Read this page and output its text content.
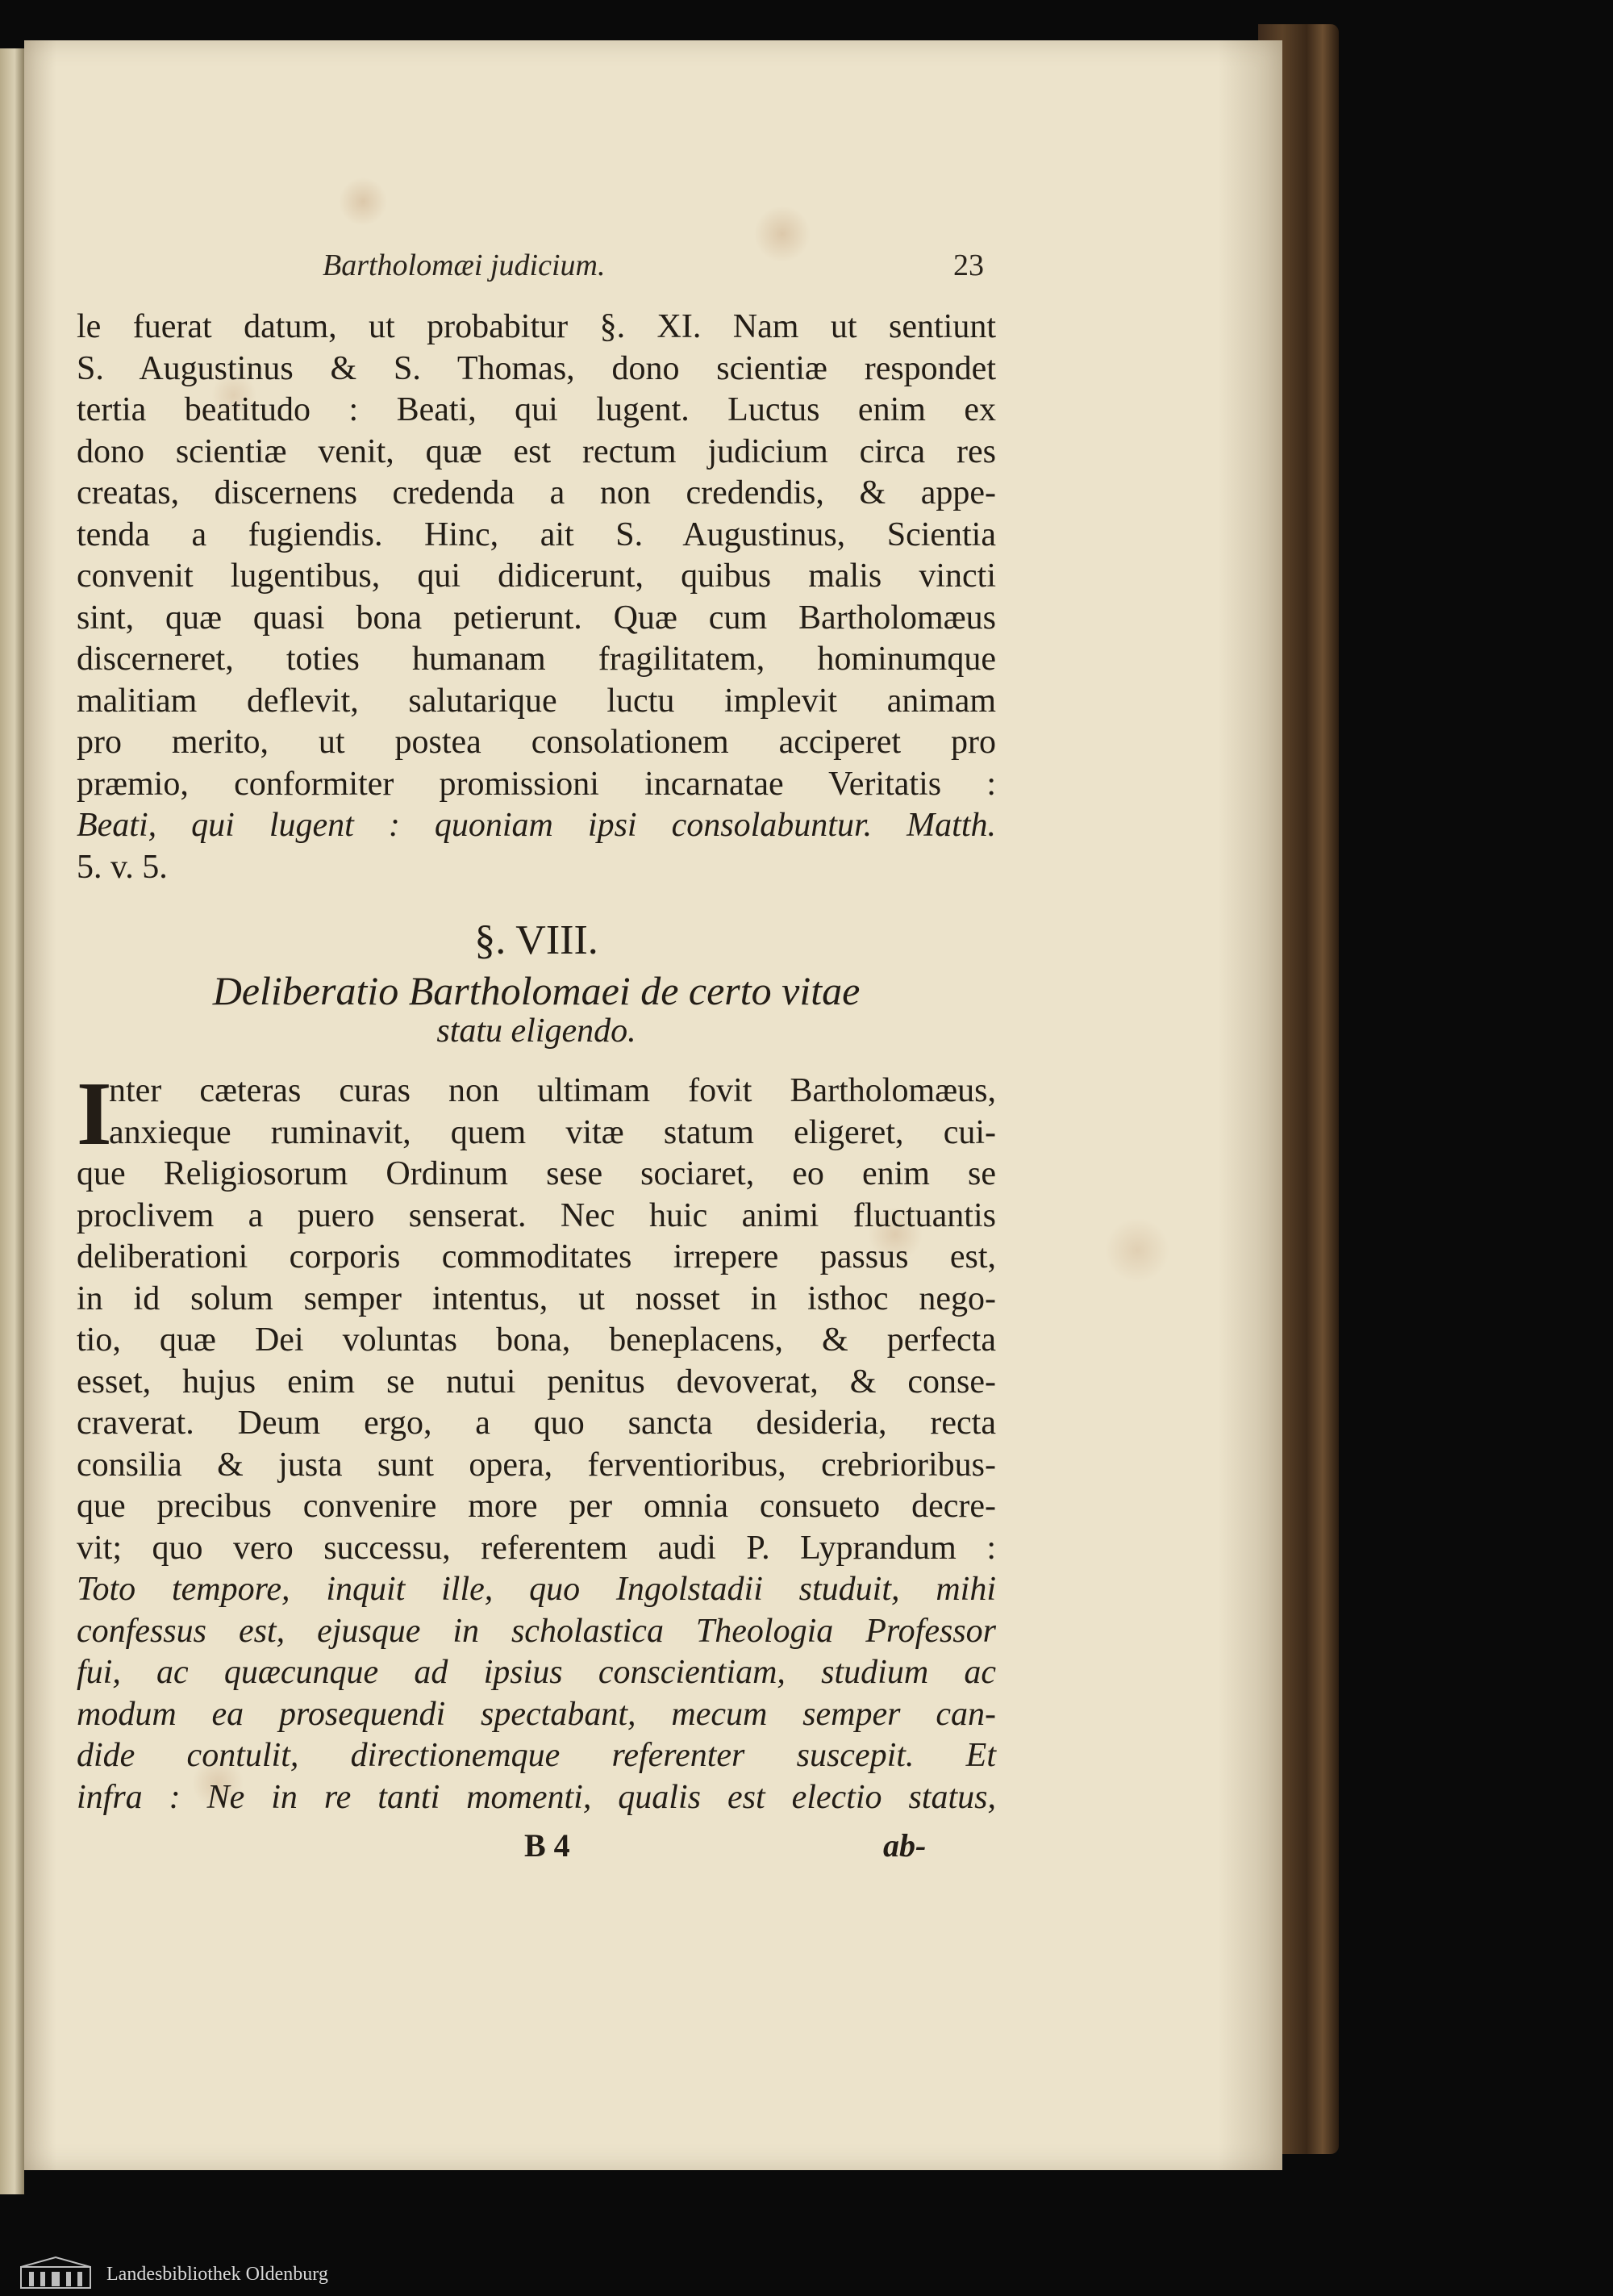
Bartholomæi judicium.	23
le fuerat datum, ut probabitur §. XI. Nam ut sentiunt
S. Augustinus & S. Thomas, dono scientiæ respondet
tertia beatitudo : Beati, qui lugent. Luctus enim ex
dono scientiæ venit, quæ est rectum judicium circa res
creatas, discernens credenda a non credendis, & appe-
tenda a fugiendis. Hinc, ait S. Augustinus, Scientia
convenit lugentibus, qui didicerunt, quibus malis vincti
sint, quæ quasi bona petierunt. Quæ cum Bartholomæus
discerneret, toties humanam fragilitatem, hominumque
malitiam deflevit, salutarique luctu implevit animam
pro merito, ut postea consolationem acciperet pro
præmio, conformiter promissioni incarnatae Veritatis :
Beati, qui lugent : quoniam ipsi consolabuntur. Matth.
5. v. 5.
§. VIII.
Deliberatio Bartholomaei de certo vitae
statu eligendo.
I
nter cæteras curas non ultimam fovit Bartholomæus,
anxieque ruminavit, quem vitæ statum eligeret, cui-
que Religiosorum Ordinum sese sociaret, eo enim se
proclivem a puero senserat. Nec huic animi fluctuantis
deliberationi corporis commoditates irrepere passus est,
in id solum semper intentus, ut nosset in isthoc nego-
tio, quæ Dei voluntas bona, beneplacens, & perfecta
esset, hujus enim se nutui penitus devoverat, & conse-
craverat. Deum ergo, a quo sancta desideria, recta
consilia & justa sunt opera, ferventioribus, crebrioribus-
que precibus convenire more per omnia consueto decre-
vit; quo vero successu, referentem audi P. Lyprandum :
Toto tempore, inquit ille, quo Ingolstadii studuit, mihi
confessus est, ejusque in scholastica Theologia Professor
fui, ac quæcunque ad ipsius conscientiam, studium ac
modum ea prosequendi spectabant, mecum semper can-
dide contulit, directionemque referenter suscepit. Et
infra : Ne in re tanti momenti, qualis est electio status,
B 4	ab-
Landesbibliothek Oldenburg
